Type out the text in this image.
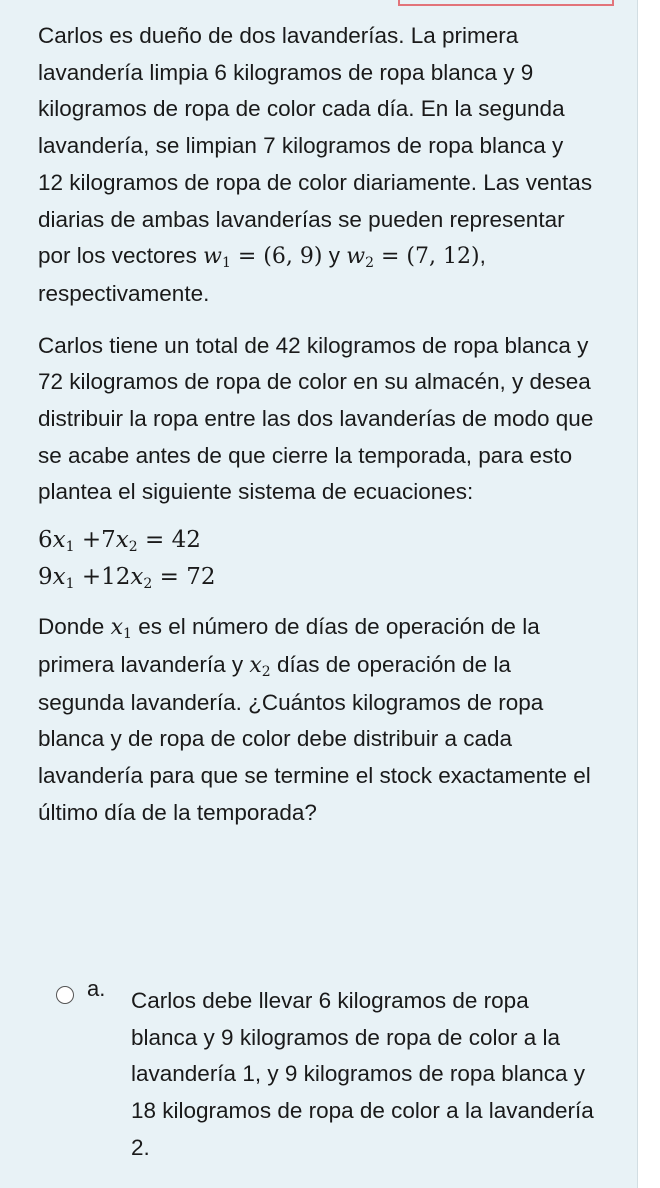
Carlos es dueño de dos lavanderías. La primera lavandería limpia 6 kilogramos de ropa blanca y 9 kilogramos de ropa de color cada día. En la segunda lavandería, se limpian 7 kilogramos de ropa blanca y 12 kilogramos de ropa de color diariamente. Las ventas diarias de ambas lavanderías se pueden representar por los vectores $w_1 = (6$, 9) y $w_2 = (7$, 12), respectivamente.

Carlos tiene un total de 42 kilogramos de ropa blanca y 72 kilogramos de ropa de color en su almacén, y desea distribuir la ropa entre las dos lavanderías de modo que se acabe antes de que cierre la temporada, para esto plantea el siguiente sistema de ecuaciones:

$6x_1 +7x_2 = 42$
$9x_1 +12x_2 = 72$

Donde $x_1$ es el número de días de operación de la primera lavandería y $x_2$ días de operación de la segunda lavandería. ¿Cuántos kilogramos de ropa blanca y de ropa de color debe distribuir a cada lavandería para que se termine el stock exactamente el último día de la temporada?

a. Carlos debe llevar 6 kilogramos de ropa blanca y 9 kilogramos de ropa de color a la lavandería 1, y 9 kilogramos de ropa blanca y 18 kilogramos de ropa de color a la lavandería 2.
